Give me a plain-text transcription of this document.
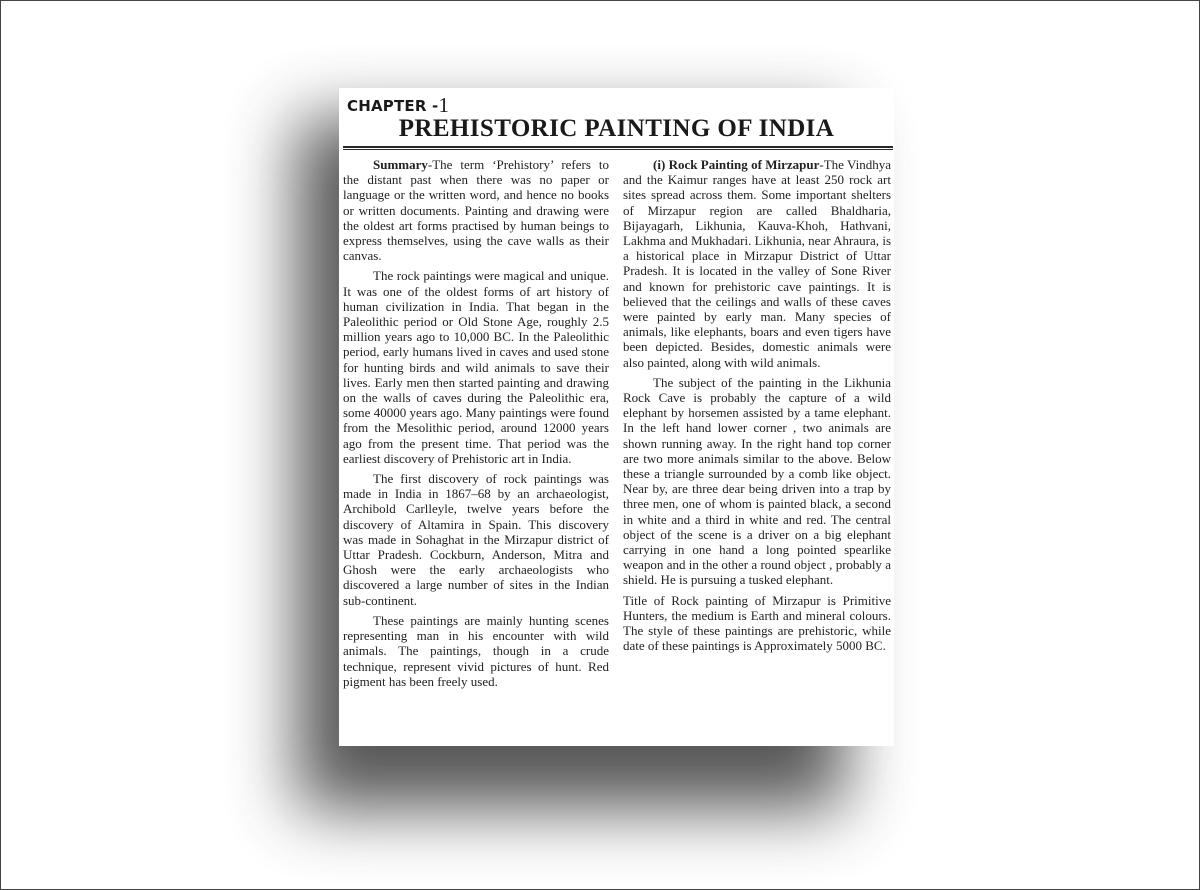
CHAPTER -1
PREHISTORIC PAINTING OF INDIA

Summary-The term ‘Prehistory’ refers to the distant past when there was no paper or language or the written word, and hence no books or written documents. Painting and drawing were the oldest art forms practised by human beings to express themselves, using the cave walls as their canvas.

The rock paintings were magical and unique. It was one of the oldest forms of art history of human civilization in India. That began in the Paleolithic period or Old Stone Age, roughly 2.5 million years ago to 10,000 BC. In the Paleolithic period, early humans lived in caves and used stone for hunting birds and wild animals to save their lives. Early men then started painting and drawing on the walls of caves during the Paleolithic era, some 40000 years ago. Many paintings were found from the Mesolithic period, around 12000 years ago from the present time. That period was the earliest discovery of Prehistoric art in India.

The first discovery of rock paintings was made in India in 1867–68 by an archaeologist, Archibold Carlleyle, twelve years before the discovery of Altamira in Spain. This discovery was made in Sohaghat in the Mirzapur district of Uttar Pradesh. Cockburn, Anderson, Mitra and Ghosh were the early archaeologists who discovered a large number of sites in the Indian sub-continent.

These paintings are mainly hunting scenes representing man in his encounter with wild animals. The paintings, though in a crude technique, represent vivid pictures of hunt. Red pigment has been freely used.

(i) Rock Painting of Mirzapur-The Vindhya and the Kaimur ranges have at least 250 rock art sites spread across them. Some important shelters of Mirzapur region are called Bhaldharia, Bijayagarh, Likhunia, Kauva-Khoh, Hathvani, Lakhma and Mukhadari. Likhunia, near Ahraura, is a historical place in Mirzapur District of Uttar Pradesh. It is located in the valley of Sone River and known for prehistoric cave paintings. It is believed that the ceilings and walls of these caves were painted by early man. Many species of animals, like elephants, boars and even tigers have been depicted. Besides, domestic animals were also painted, along with wild animals.

The subject of the painting in the Likhunia Rock Cave is probably the capture of a wild elephant by horsemen assisted by a tame elephant. In the left hand lower corner , two animals are shown running away. In the right hand top corner are two more animals similar to the above. Below these a triangle surrounded by a comb like object. Near by, are three dear being driven into a trap by three men, one of whom is painted black, a second in white and a third in white and red. The central object of the scene is a driver on a big elephant carrying in one hand a long pointed spearlike weapon and in the other a round object , probably a shield. He is pursuing a tusked elephant.

Title of Rock painting of Mirzapur is Primitive Hunters, the medium is Earth and mineral colours. The style of these paintings are prehistoric, while date of these paintings is Approximately 5000 BC.
